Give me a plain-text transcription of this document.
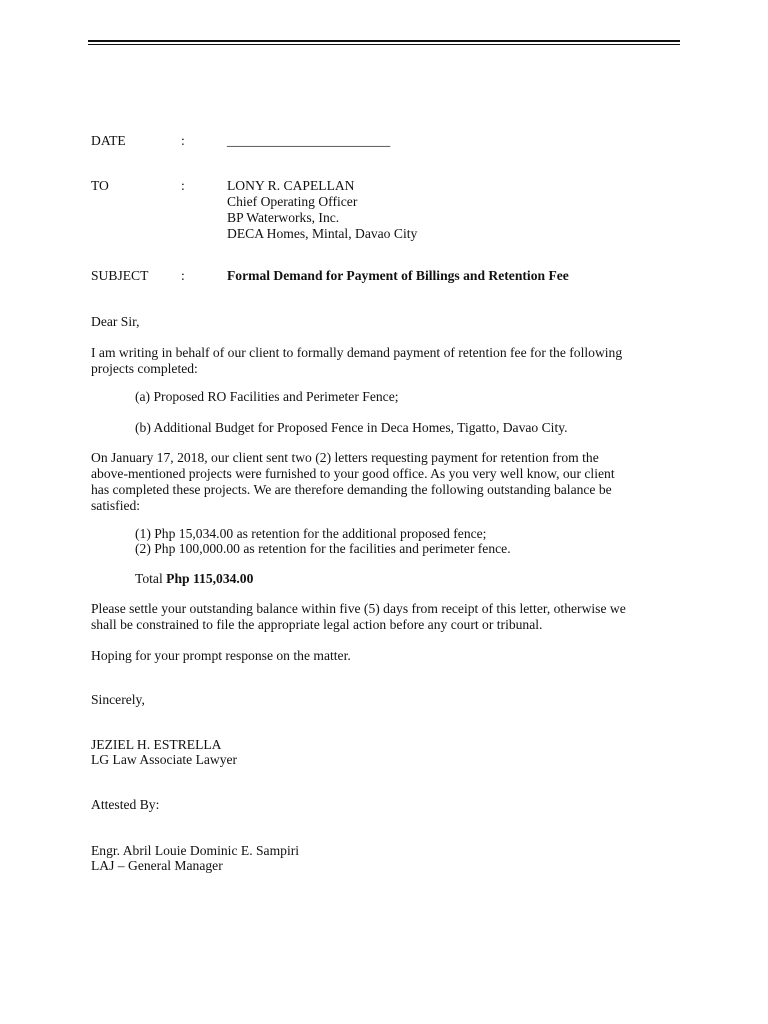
DATE	:	________________________
TO	:	LONY R. CAPELLAN
Chief Operating Officer
BP Waterworks, Inc.
DECA Homes, Mintal, Davao City
SUBJECT :	Formal Demand for Payment of Billings and Retention Fee
Dear Sir,
I am writing in behalf of our client to formally demand payment of retention fee for the following
projects completed:
(a) Proposed RO Facilities and Perimeter Fence;
(b) Additional Budget for Proposed Fence in Deca Homes, Tigatto, Davao City.
On January 17, 2018, our client sent two (2) letters requesting payment for retention from the
above-mentioned projects were furnished to your good office. As you very well know, our client
has completed these projects. We are therefore demanding the following outstanding balance be
satisfied:
(1) Php 15,034.00 as retention for the additional proposed fence;
(2) Php 100,000.00 as retention for the facilities and perimeter fence.
Total Php 115,034.00
Please settle your outstanding balance within five (5) days from receipt of this letter, otherwise we
shall be constrained to file the appropriate legal action before any court or tribunal.
Hoping for your prompt response on the matter.
Sincerely,
JEZIEL H. ESTRELLA
LG Law Associate Lawyer
Attested By:
Engr. Abril Louie Dominic E. Sampiri
LAJ – General Manager
